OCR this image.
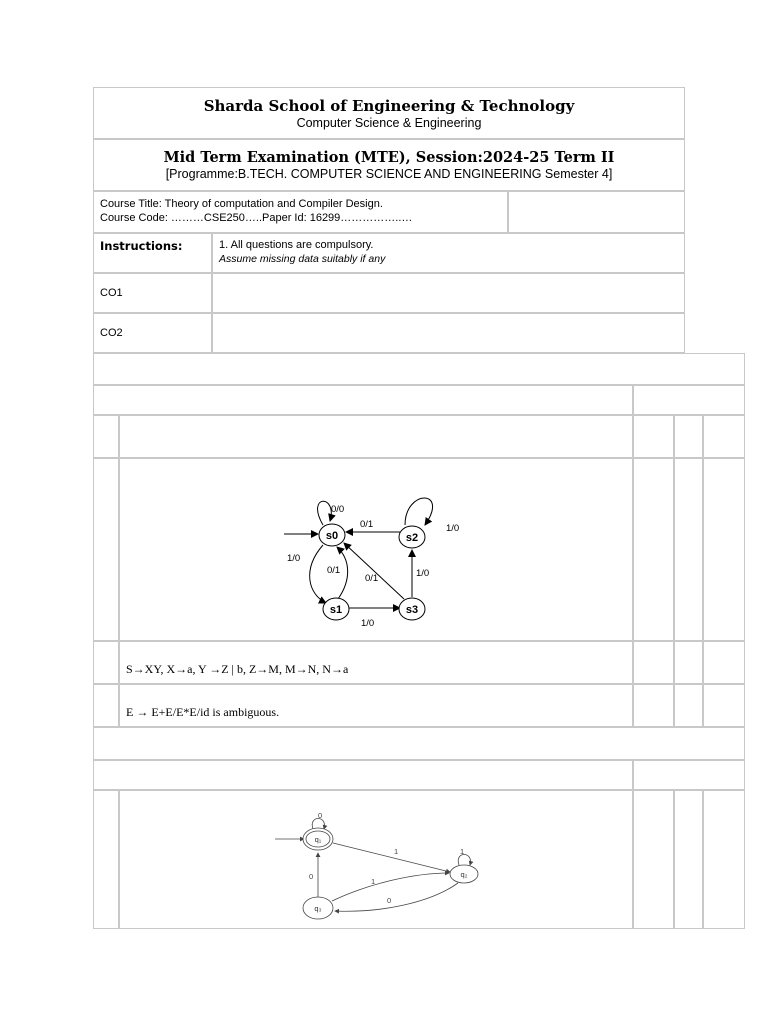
Sharda School of Engineering & Technology
Computer Science & Engineering
Mid Term Examination (MTE), Session:2024-25 Term II
[Programme:B.TECH. COMPUTER SCIENCE AND ENGINEERING Semester 4]
Course Title: Theory of computation and Compiler Design.
Course Code: ………CSE250…..Paper Id: 16299……………..…
Instructions:	1. All questions are compulsory.
Assume missing data suitably if any
CO1
CO2
s0	s2
s1	s3
0/0
0/1	1/0
1/0
0/1
0/1	1/0
1/0
S→XY, X→a, Y →Z | b, Z→M, M→N, N→a
E → E+E/E*E/id is ambiguous.
q₁
q₂
q₃
0
1	1
0
1
0
